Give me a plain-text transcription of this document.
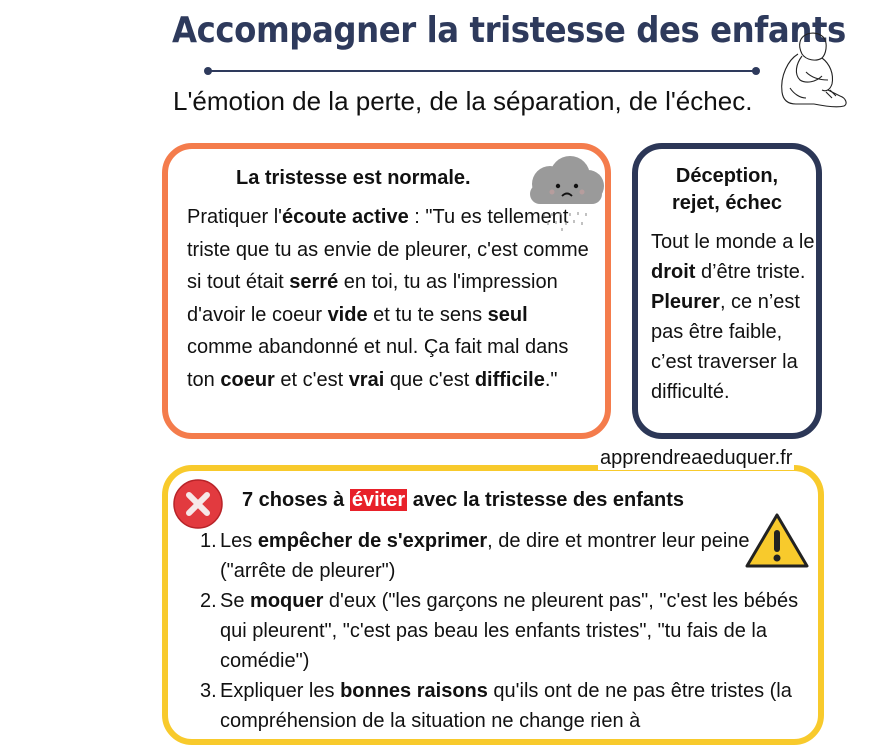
Accompagner la tristesse des enfants
L'émotion de la perte, de la séparation, de l'échec.
La tristesse est normale.
Pratiquer l'écoute active : "Tu es tellement triste que tu as envie de pleurer, c'est comme si tout était serré en toi, tu as l'impression d'avoir le coeur vide et tu te sens seul comme abandonné et nul. Ça fait mal dans ton coeur et c'est vrai que c'est difficile."
Déception,
rejet, échec
Tout le monde a le droit d’être triste. Pleurer, ce n’est pas être faible, c’est traverser la difficulté.
apprendreaeduquer.fr
7 choses à éviter avec la tristesse des enfants
1. Les empêcher de s'exprimer, de dire et montrer leur peine ("arrête de pleurer")
2. Se moquer d'eux ("les garçons ne pleurent pas", "c'est les bébés qui pleurent", "c'est pas beau les enfants tristes", "tu fais de la comédie")
3. Expliquer les bonnes raisons qu'ils ont de ne pas être tristes (la compréhension de la situation ne change rien à
